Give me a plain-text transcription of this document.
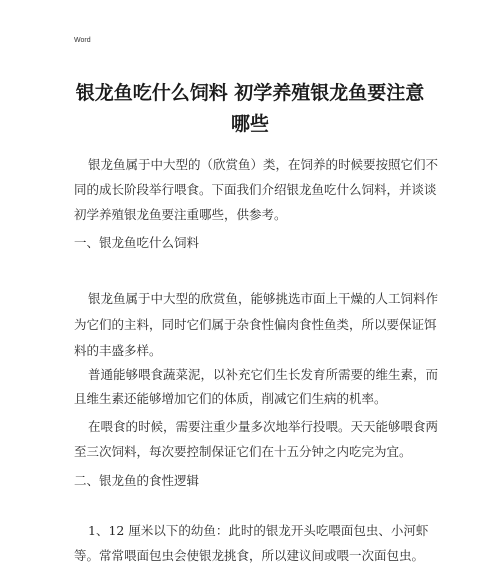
Word
银龙鱼吃什么饲料 初学养殖银龙鱼要注意
哪些
银龙鱼属于中大型的（欣赏鱼）类，在饲养的时候要按照它们不
同的成长阶段举行喂食。下面我们介绍银龙鱼吃什么饲料，并谈谈
初学养殖银龙鱼要注重哪些，供参考。
一、银龙鱼吃什么饲料
银龙鱼属于中大型的欣赏鱼，能够挑选市面上干燥的人工饲料作
为它们的主料，同时它们属于杂食性偏肉食性鱼类，所以要保证饵
料的丰盛多样。
普通能够喂食蔬菜泥，以补充它们生长发育所需要的维生素，而
且维生素还能够增加它们的体质，削减它们生病的机率。
在喂食的时候，需要注重少量多次地举行投喂。天天能够喂食两
至三次饲料，每次要控制保证它们在十五分钟之内吃完为宜。
二、银龙鱼的食性逻辑
1、12 厘米以下的幼鱼：此时的银龙开头吃喂面包虫、小河虾
等。常常喂面包虫会使银龙挑食，所以建议间或喂一次面包虫。
